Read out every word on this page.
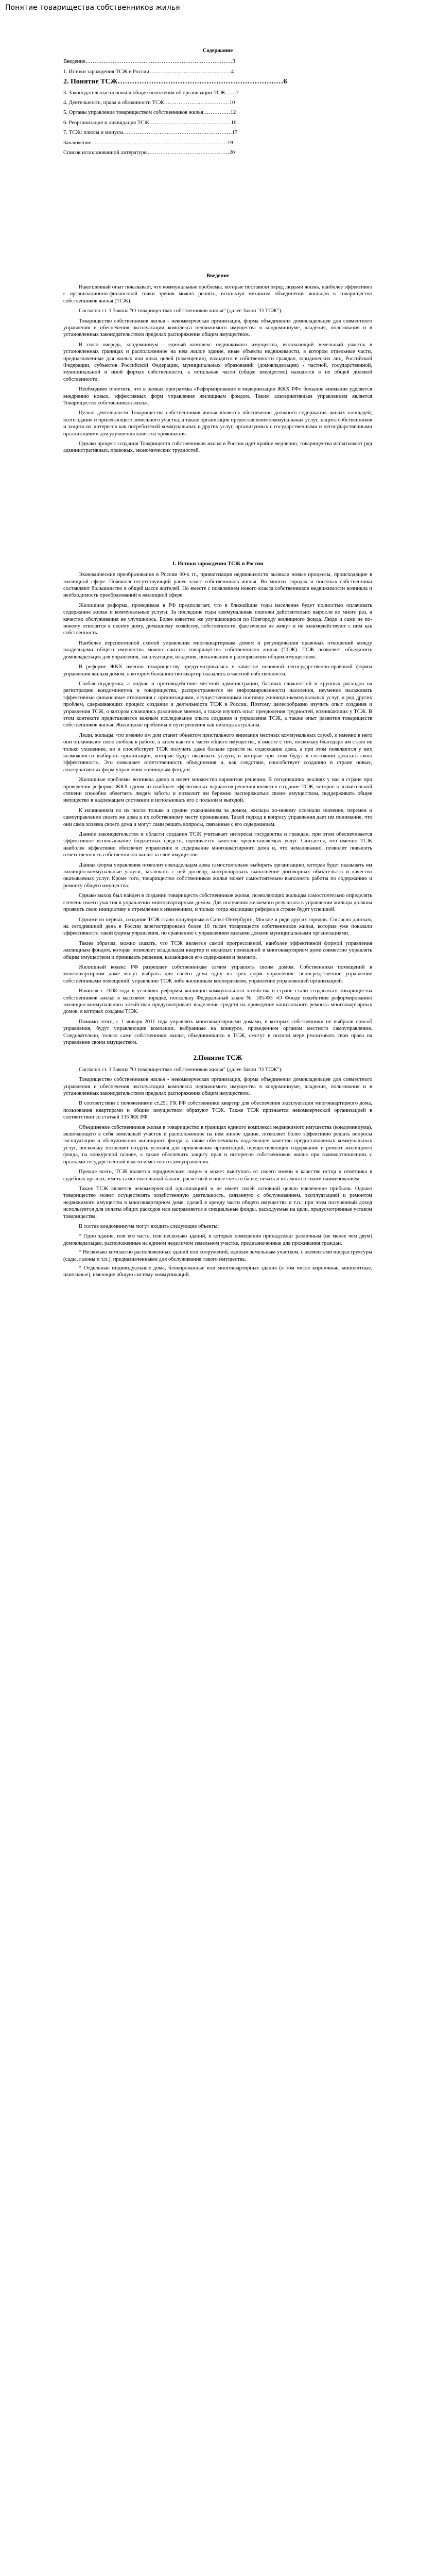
Понятие товарищества собственников жилья
Содержание
Введение………………………………………………………………………3
1. Истоки зарождения ТСЖ в России………………………………………4
2. Понятие ТСЖ……………………………………………………………6
3. Законодательные основы и общие положения об организации ТСЖ……7
4. Деятельность, права и обязанности ТСЖ………………………………10
5. Органы управления товариществом собственников жилья……………12
6. Реорганизация и ликвидация ТСЖ………………………………………16
7. ТСЖ: плюсы и минусы……………………………………………………17
Заключение…………………………………………………………………19
Список использованной литературы………………………………………20
Введение

Накопленный опыт показывает, что коммунальные проблемы, которые поставили перед людьми жизнь, наиболее эффективно с организационно-финансовой точки зрения можно решить, используя механизм объединения жильцов в товарищество собственников жилья (ТСЖ).

Согласно ст. 1 Закона "О товариществах собственников жилья" (далее Закон "О ТСЖ"):

Товарищество собственников жилья - некоммерческая организация, форма объединения домовладельцев для совместного управления и обеспечения эксплуатации комплекса недвижимого имущества в кондоминиуме, владения, пользования и в установленных законодательством пределах распоряжения общим имуществом.

В свою очередь, кондоминиум - единый комплекс недвижимого имущества, включающий земельный участок в установленных границах и расположенное на нем жилое здание, иные объекты недвижимости, в котором отдельные части, предназначенные для жилых или иных целей (помещения), находятся в собственности граждан, юридических лиц, Российской Федерации, субъектов Российской Федерации, муниципальных образований (домовладельцев) - частной, государственной, муниципальной и иной формах собственности, а остальные части (общее имущество) находятся в их общей долевой собственности.

Необходимо отметить, что в рамках программы «Реформирования и модернизации ЖКХ РФ» большое внимание уделяется внедрению новых, эффективных форм управления жилищным фондом. Таким альтернативным управлением является Товарищество собственников жилья.

Целью деятельности Товарищества собственников жилья является обеспечение должного содержания жилых площадей, всего здания и прилегающего земельного участка, а также организация предоставления коммунальных услуг, защита собственников и защита их интересов как потребителей коммунальных и других услуг, организуемых с государственными и негосударственными организациями для улучшения качества проживания.

Однако процесс создания Товариществ собственников жилья в России идет крайне медленно, товарищества испытывают ряд административных, правовых, экономических трудностей.

1. Истоки зарождения ТСЖ в России

Экономические преобразования в России 90-х гг., приватизация недвижимости вызвали новые процессы, происходящие в жилищной сфере. Появился отсутствующий ранее класс собственников жилья. Во многих городах и поселках собственники составляют большинство в общей массе жителей. Но вместе с появлением нового класса собственников недвижимости возникла и необходимость преобразований в жилищной сфере.

Жилищная реформа, проводимая в РФ предполагает, что в ближайшие годы население будет полностью оплачивать содержание жилья и коммунальные услуги. За последние годы коммунальные платежи действительно выросли во много раз, а качество обслуживания не улучшилось. Более известно же улучшающихся по Новгороду жилищного фонда. Люди и сами не по-новому относятся к своему дому, домашнему хозяйству, собственности, фактически не живут и не взаимодействуют с ним как собственность.

Наиболее перспективной схемой управления многоквартирным домом и регулирования правовых отношений между владельцами общего имущества можно считать товарищества собственников жилья (ТСЖ). ТСЖ позволяет объединить домовладельцев для управления, эксплуатации, владения, пользования и распоряжения общим имуществом.

В реформе ЖКХ именно товариществу предусматривалась в качестве основной негосударственно-правовой формы управления жилым домом, в котором большинство квартир оказались в частной собственности.

Слабая поддержка, а подчас и противодействие местной администрации, базовых сложностей и крупных расходов на регистрацию кондоминиума и товарищества, распространяется не информированности населения, неумение налаживать эффективные финансовые отношения с организациями, осуществляющими поставку жилищно-коммунальных услуг, и ряд других проблем, сдерживающих процесс создания и деятельности ТСЖ в России. Поэтому целесообразно изучить опыт создания и управления ТСЖ, о котором сложились различные мнения, а также изучить опыт преодоления трудностей, возникающих у ТСЖ. В этом контексте представляется важным исследование опыта создания и управления ТСЖ, а также опыт развития товариществ собственников жилья. Жилищные проблемы и пути решения как никогда актуальны.

Люди, жильцы, что именно им дом станет объектом пристального внимания местных коммунальных служб, и именно в него они оплачивают свою любовь к работе, а затем как-то к части общего имущества, и вместе с тем, поскольку благодаря им стало не только ухоженнее, но и способствует ТСЖ получать даже больше средств на содержание дома, а при этом появляются у них возможности выбирать организации, которые будут оказывать услуги, и которые при этом будут в состоянии доказать свою эффективность. Это повышает ответственность объединения и, как следствие, способствует созданию в стране новых, альтернативных форм управления жилищным фондом.

Жилищные проблемы возникла давно и имеет множество вариантов решения. В сегодняшних реалиях у нас в стране при проведении реформы ЖКХ одним из наиболее эффективных вариантов решения является создание ТСЖ, которое в значительной степени способно облегчить людям заботы и позволит им бережно распоряжаться своим имуществом, поддерживать общее имущество в надлежащем состоянии и использовать его с пользой и выгодой.

К начинаниям по их после только и средне ухаживанием за домом, жильцы по-новому осознали значение, перемен и самоуправления своего же дома к их собственному месту проживания. Такой подход к вопросу управления дает им понимание, что они сами хозяева своего дома и могут сами решать вопросы, связанные с его содержанием.

Данное законодательство в области создания ТСЖ учитывает интересы государства и граждан, при этом обеспечивается эффективное использование бюджетных средств, оценивается качество предоставляемых услуг. Считается, что именно ТСЖ наиболее эффективно обеспечит управление и содержание многоквартирного дома и, что немаловажно, позволит повысить ответственность собственников жилья за свое имущество.

Данная форма управления позволит совладельцам дома самостоятельно выбирать организацию, которая будет оказывать им жилищно-коммунальные услуги, заключать с ней договор, контролировать выполнение договорных обязательств и качество оказываемых услуг. Кроме того, товарищество собственников жилья может самостоятельно выполнять работы по содержанию и ремонту общего имущества.

Однако выход был найден в создании товариществ собственников жилья, позволяющих жильцам самостоятельно определять степень своего участия в управлении многоквартирным домом. Для получения желаемого результата в управлении жильцы должны проявить свою инициативу и стремление к изменениям, и только тогда жилищная реформа в стране будет успешной.

Одними из первых, создание ТСЖ стало популярным в Санкт-Петербурге, Москве и ряде других городов. Согласно данным, на сегодняшний день в России зарегистрировано более 10 тысяч товариществ собственников жилья, которые уже показали эффективность такой формы управления, по сравнению с управлением жилыми домами муниципальными организациями.

Таким образом, можно сказать, что ТСЖ является самой прогрессивной, наиболее эффективной формой управления жилищным фондом, которая позволяет владельцам квартир и нежилых помещений в многоквартирном доме совместно управлять общим имуществом и принимать решения, касающиеся его содержания и ремонта.

Жилищный кодекс РФ разрешает собственникам самим управлять своим домом. Собственники помещений в многоквартирном доме могут выбрать для своего дома одну из трех форм управления: непосредственное управление собственниками помещений, управление ТСЖ либо жилищным кооперативом, управление управляющей организацией.

Начиная с 2008 года в условиях реформы жилищно-коммунального хозяйства в стране стали создаваться товарищества собственников жилья в массовом порядке, поскольку Федеральный закон № 185-ФЗ «О Фонде содействия реформированию жилищно-коммунального хозяйства» предусматривает выделение средств на проведение капитального ремонта многоквартирных домов, в которых созданы ТСЖ.

Помимо этого, с 1 января 2011 года управлять многоквартирными домами, в которых собственники не выбрали способ управления, будут управляющие компании, выбранные на конкурсе, проведенном органом местного самоуправления. Следовательно, только сами собственники жилья, объединившись в ТСЖ, смогут в полной мере реализовать свои права на управление своим имуществом.

2.Понятие ТСЖ

Согласно ст. 1 Закона "О товариществах собственников жилья" (далее Закон "О ТСЖ"):

Товарищество собственников жилья - некоммерческая организация, форма объединения домовладельцев для совместного управления и обеспечения эксплуатации комплекса недвижимого имущества в кондоминиуме, владения, пользования и в установленных законодательством пределах распоряжения общим имуществом.

В соответствии с положениями ст.291 ГК РФ собственники квартир для обеспечения эксплуатации многоквартирного дома, пользования квартирами и общим имуществом образуют ТСЖ. Также ТСЖ признается некоммерческой организацией в соответствии со статьей 135 ЖК РФ.

Объединение собственников жилья в товарищество в границах единого комплекса недвижимого имущества (кондоминиума), включающего в себя земельный участок и расположенное на нем жилое здание, позволяет более эффективно решать вопросы эксплуатации и обслуживания жилищного фонда, а также обеспечивать надлежащее качество предоставляемых коммунальных услуг, поскольку позволяет создать условия для привлечения организаций, осуществляющих содержание и ремонт жилищного фонда, на конкурсной основе, а также обеспечить защиту прав и интересов собственников жилья при взаимоотношениях с органами государственной власти и местного самоуправления.

Прежде всего, ТСЖ является юридическим лицом и может выступать от своего имени в качестве истца и ответчика в судебных органах, иметь самостоятельный баланс, расчетный и иные счета в банке, печать и штампы со своим наименованием.

Также ТСЖ является некоммерческой организацией и не имеет своей основной целью извлечение прибыли. Однако товарищество может осуществлять хозяйственную деятельность, связанную с обслуживанием, эксплуатацией и ремонтом недвижимого имущества в многоквартирном доме, сдачей в аренду части общего имущества и т.п.; при этом полученный доход используется для оплаты общих расходов или направляется в специальные фонды, расходуемые на цели, предусмотренные уставом товарищества.

В состав кондоминиума могут входить следующие объекты:

* Одно здание, или его часть, или несколько зданий, в которых помещения принадлежат различным (не менее чем двум) домовладельцам, расположенные на едином неделимом земельном участке, предназначенные для проживания граждан.
* Несколько компактно расположенных зданий или сооружений, единым земельным участком, с элементами инфраструктуры (сады, газоны и т.п.), предназначенными для обслуживания такого имущества.
* Отдельные индивидуальные дома, блокированные или многоквартирные здания (в том числе кирпичные, монолитные, панельные), имеющие общую систему коммуникаций.
